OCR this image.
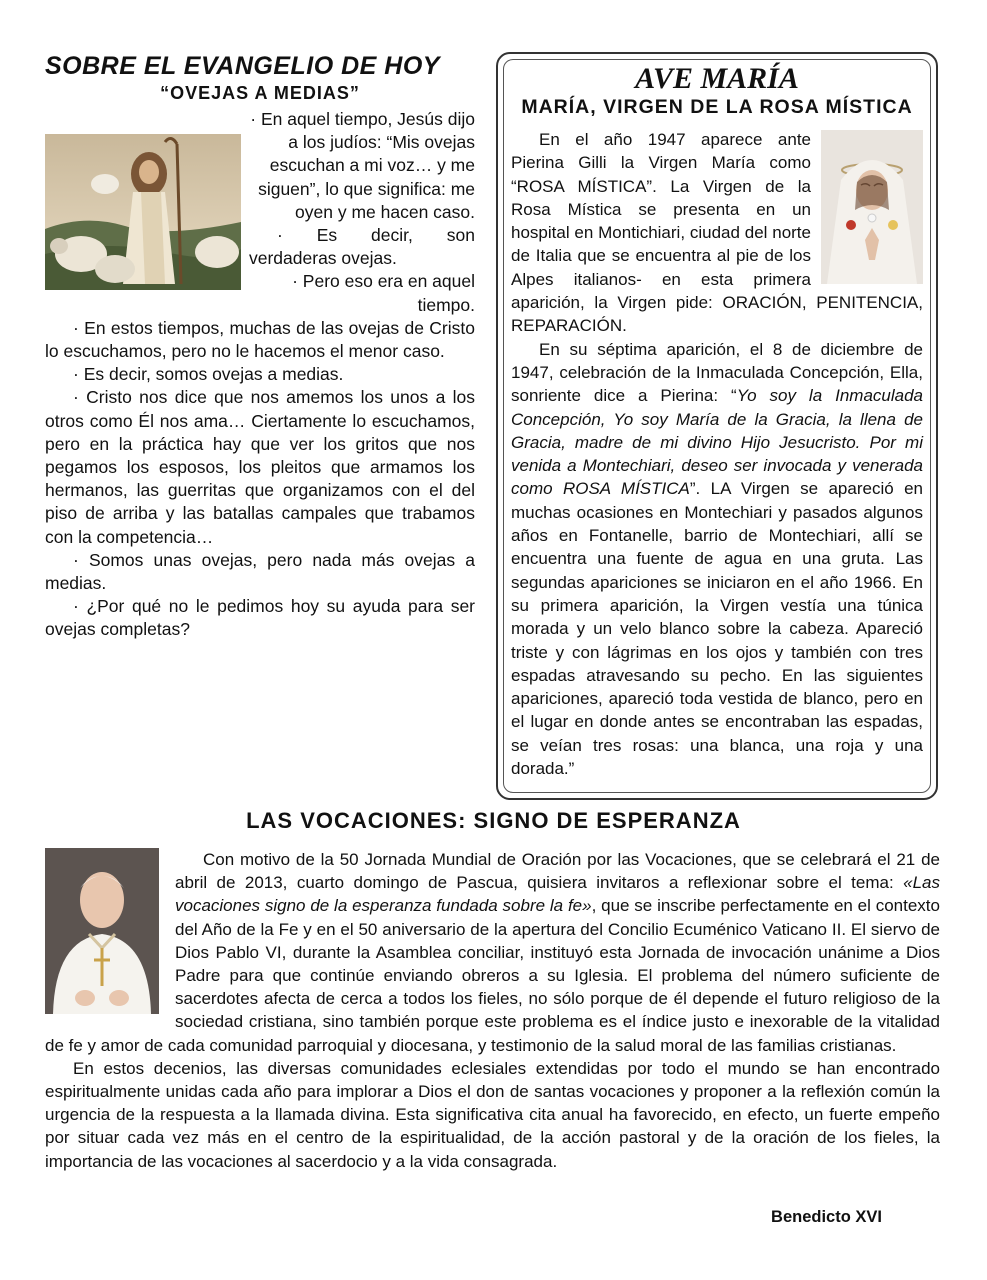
SOBRE EL EVANGELIO DE HOY
“OVEJAS A MEDIAS”

· En aquel tiempo, Jesús dijo a los judíos: “Mis ovejas escuchan a mi voz… y me siguen”, lo que significa: me oyen y me hacen caso.

· Es decir, son verdaderas ovejas.

· Pero eso era en aquel tiempo.

· En estos tiempos, muchas de las ovejas de Cristo lo escuchamos, pero no le hacemos el menor caso.

· Es decir, somos ovejas a medias.

· Cristo nos dice que nos amemos los unos a los otros como Él nos ama… Ciertamente lo escuchamos, pero en la práctica hay que ver los gritos que nos pegamos los esposos, los pleitos que armamos los hermanos, las guerritas que organizamos con el del piso de arriba y las batallas campales que trabamos con la competencia…

· Somos unas ovejas, pero nada más ovejas a medias.

· ¿Por qué no le pedimos hoy su ayuda para ser ovejas completas?

AVE MARÍA
MARÍA, VIRGEN DE LA ROSA MÍSTICA

En el año 1947 aparece ante Pierina Gilli la Virgen María como “ROSA MÍSTICA”. La Virgen de la Rosa Mística se presenta en un hospital en Montichiari, ciudad del norte de Italia que se encuentra al pie de los Alpes italianos- en esta primera aparición, la Virgen pide: ORACIÓN, PENITENCIA, REPARACIÓN.

En su séptima aparición, el 8 de diciembre de 1947, celebración de la Inmaculada Concepción, Ella, sonriente dice a Pierina: “Yo soy la Inmaculada Concepción, Yo soy María de la Gracia, la llena de Gracia, madre de mi divino Hijo Jesucristo. Por mi venida a Montechiari, deseo ser invocada y venerada como ROSA MÍSTICA”. LA Virgen se apareció en muchas ocasiones en Montechiari y pasados algunos años en Fontanelle, barrio de Montechiari, allí se encuentra una fuente de agua en una gruta. Las segundas apariciones se iniciaron en el año 1966. En su primera aparición, la Virgen vestía una túnica morada y un velo blanco sobre la cabeza. Apareció triste y con lágrimas en los ojos y también con tres espadas atravesando su pecho. En las siguientes apariciones, apareció toda vestida de blanco, pero en el lugar en donde antes se encontraban las espadas, se veían tres rosas: una blanca, una roja y una dorada.”

LAS VOCACIONES: SIGNO DE ESPERANZA

Con motivo de la 50 Jornada Mundial de Oración por las Vocaciones, que se celebrará el 21 de abril de 2013, cuarto domingo de Pascua, quisiera invitaros a reflexionar sobre el tema: «Las vocaciones signo de la esperanza fundada sobre la fe», que se inscribe perfectamente en el contexto del Año de la Fe y en el 50 aniversario de la apertura del Concilio Ecuménico Vaticano II. El siervo de Dios Pablo VI, durante la Asamblea conciliar, instituyó esta Jornada de invocación unánime a Dios Padre para que continúe enviando obreros a su Iglesia. El problema del número suficiente de sacerdotes afecta de cerca a todos los fieles, no sólo porque de él depende el futuro religioso de la sociedad cristiana, sino también porque este problema es el índice justo e inexorable de la vitalidad de fe y amor de cada comunidad parroquial y diocesana, y testimonio de la salud moral de las familias cristianas.

En estos decenios, las diversas comunidades eclesiales extendidas por todo el mundo se han encontrado espiritualmente unidas cada año para implorar a Dios el don de santas vocaciones y proponer a la reflexión común la urgencia de la respuesta a la llamada divina. Esta significativa cita anual ha favorecido, en efecto, un fuerte empeño por situar cada vez más en el centro de la espiritualidad, de la acción pastoral y de la oración de los fieles, la importancia de las vocaciones al sacerdocio y a la vida consagrada.

Benedicto XVI
